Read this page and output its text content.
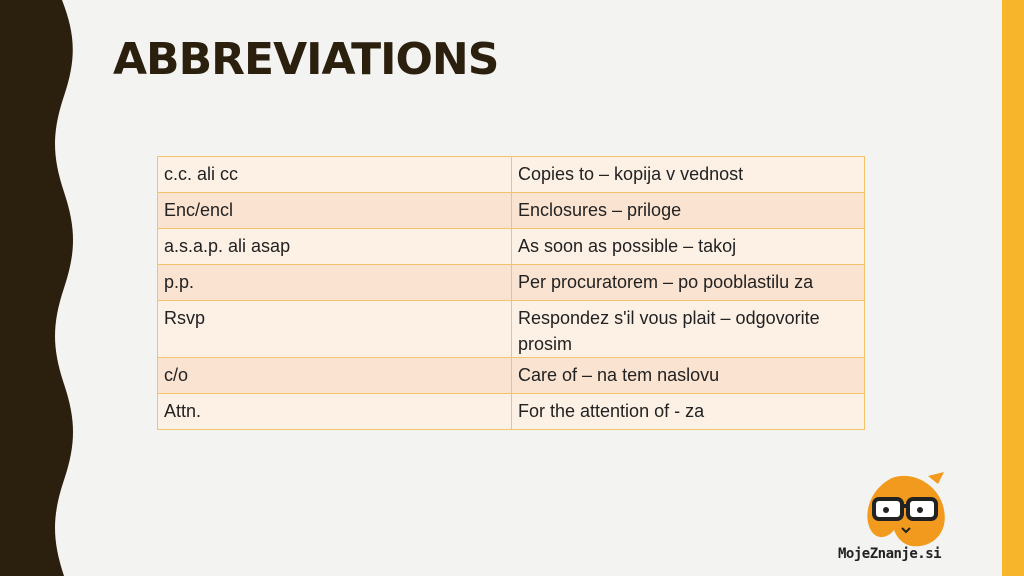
ABBREVIATIONS
c.c. ali cc	Copies to – kopija v vednost
Enc/encl	Enclosures – priloge
a.s.a.p. ali asap	As soon as possible – takoj
p.p.	Per procuratorem – po pooblastilu za
Rsvp	Respondez s'il vous plait – odgovorite prosim
c/o	Care of – na tem naslovu
Attn.	For the attention of - za
MojeZnanje.si
